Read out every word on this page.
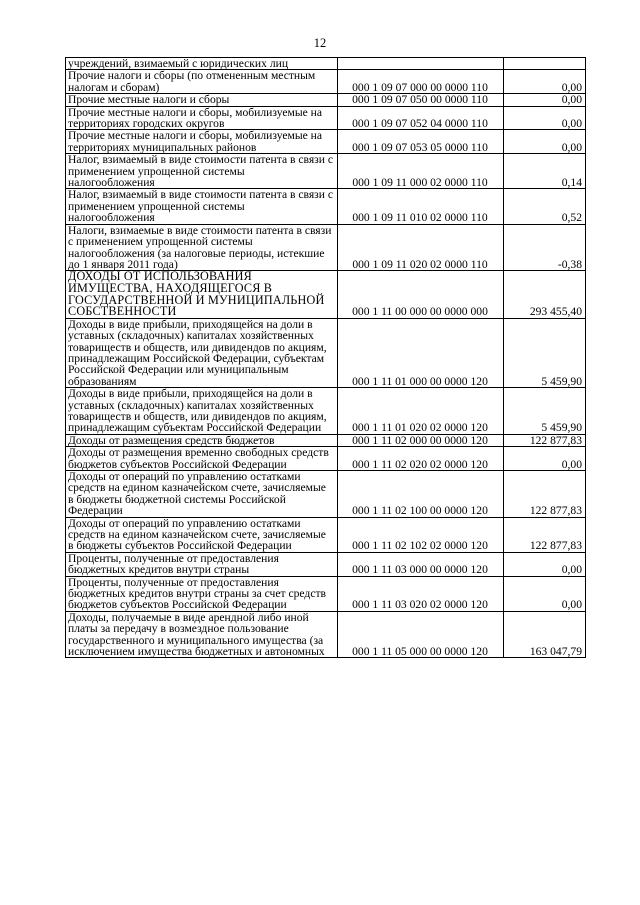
12
учреждений, взимаемый с юридических лиц		
Прочие налоги и сборы (по отмененным местным налогам и сборам)	000 1 09 07 000 00 0000 110	0,00
Прочие местные налоги и сборы	000 1 09 07 050 00 0000 110	0,00
Прочие местные налоги и сборы, мобилизуемые на территориях городских округов	000 1 09 07 052 04 0000 110	0,00
Прочие местные налоги и сборы, мобилизуемые на территориях муниципальных районов	000 1 09 07 053 05 0000 110	0,00
Налог, взимаемый в виде стоимости патента в связи с применением упрощенной системы налогообложения	000 1 09 11 000 02 0000 110	0,14
Налог, взимаемый в виде стоимости патента в связи с применением упрощенной системы налогообложения	000 1 09 11 010 02 0000 110	0,52
Налоги, взимаемые в виде стоимости патента в связи с применением упрощенной системы налогообложения (за налоговые периоды, истекшие до 1 января 2011 года)	000 1 09 11 020 02 0000 110	-0,38
ДОХОДЫ ОТ ИСПОЛЬЗОВАНИЯ ИМУЩЕСТВА, НАХОДЯЩЕГОСЯ В ГОСУДАРСТВЕННОЙ И МУНИЦИПАЛЬНОЙ СОБСТВЕННОСТИ	000 1 11 00 000 00 0000 000	293 455,40
Доходы в виде прибыли, приходящейся на доли в уставных (складочных) капиталах хозяйственных товариществ и обществ, или дивидендов по акциям, принадлежащим Российской Федерации, субъектам Российской Федерации или муниципальным образованиям	000 1 11 01 000 00 0000 120	5 459,90
Доходы в виде прибыли, приходящейся на доли в уставных (складочных) капиталах хозяйственных товариществ и обществ, или дивидендов по акциям, принадлежащим субъектам Российской Федерации	000 1 11 01 020 02 0000 120	5 459,90
Доходы от размещения средств бюджетов	000 1 11 02 000 00 0000 120	122 877,83
Доходы от размещения временно свободных средств бюджетов субъектов Российской Федерации	000 1 11 02 020 02 0000 120	0,00
Доходы от операций по управлению остатками средств на едином казначейском счете, зачисляемые в бюджеты бюджетной системы Российской Федерации	000 1 11 02 100 00 0000 120	122 877,83
Доходы от операций по управлению остатками средств на едином казначейском счете, зачисляемые в бюджеты субъектов Российской Федерации	000 1 11 02 102 02 0000 120	122 877,83
Проценты, полученные от предоставления бюджетных кредитов внутри страны	000 1 11 03 000 00 0000 120	0,00
Проценты, полученные от предоставления бюджетных кредитов внутри страны за счет средств бюджетов субъектов Российской Федерации	000 1 11 03 020 02 0000 120	0,00
Доходы, получаемые в виде арендной либо иной платы за передачу в возмездное пользование государственного и муниципального имущества (за исключением имущества бюджетных и автономных	000 1 11 05 000 00 0000 120	163 047,79
